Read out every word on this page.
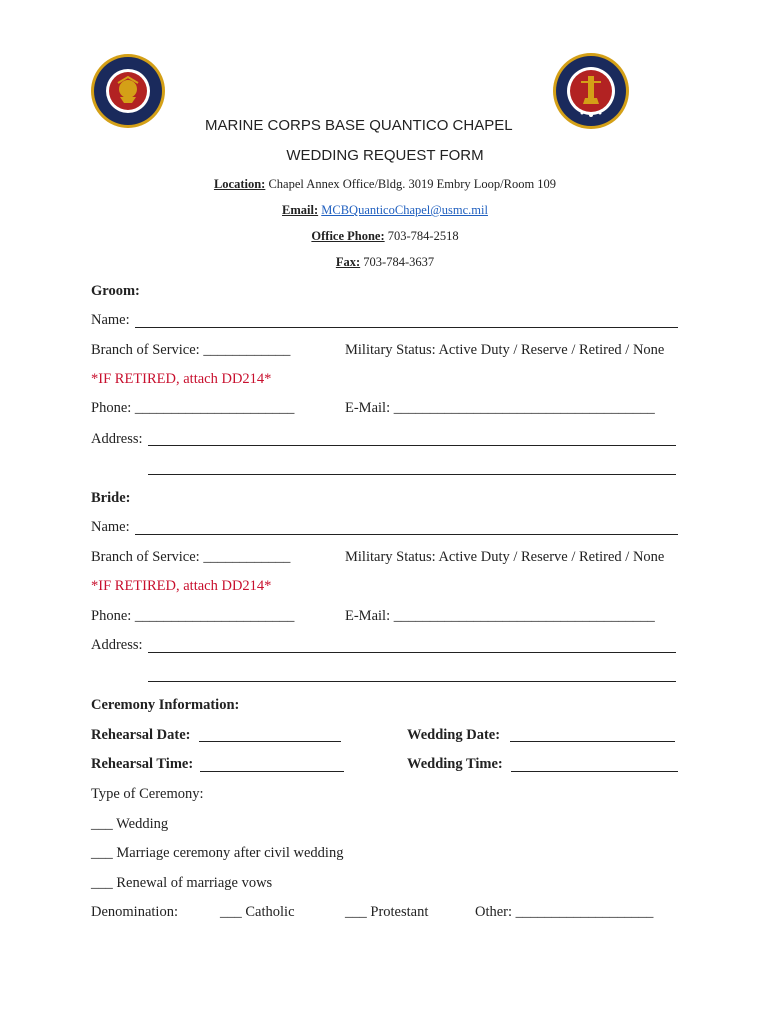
MARINE CORPS BASE QUANTICO CHAPEL
WEDDING REQUEST FORM
Location: Chapel Annex Office/Bldg. 3019 Embry Loop/Room 109
Email: MCBQuanticoChapel@usmc.mil
Office Phone: 703-784-2518
Fax: 703-784-3637
Groom:
Name:
Branch of Service: ____________	Military Status: Active Duty / Reserve / Retired / None
*IF RETIRED, attach DD214*
Phone: ______________________	E-Mail: ____________________________________
Address:
Bride:
Name:
Branch of Service: ____________	Military Status: Active Duty / Reserve / Retired / None
*IF RETIRED, attach DD214*
Phone: ______________________	E-Mail: ____________________________________
Address:
Ceremony Information:
Rehearsal Date:	Wedding Date:
Rehearsal Time:	Wedding Time:
Type of Ceremony:
___ Wedding
___ Marriage ceremony after civil wedding
___ Renewal of marriage vows
Denomination:	___ Catholic	___ Protestant	Other: ___________________
